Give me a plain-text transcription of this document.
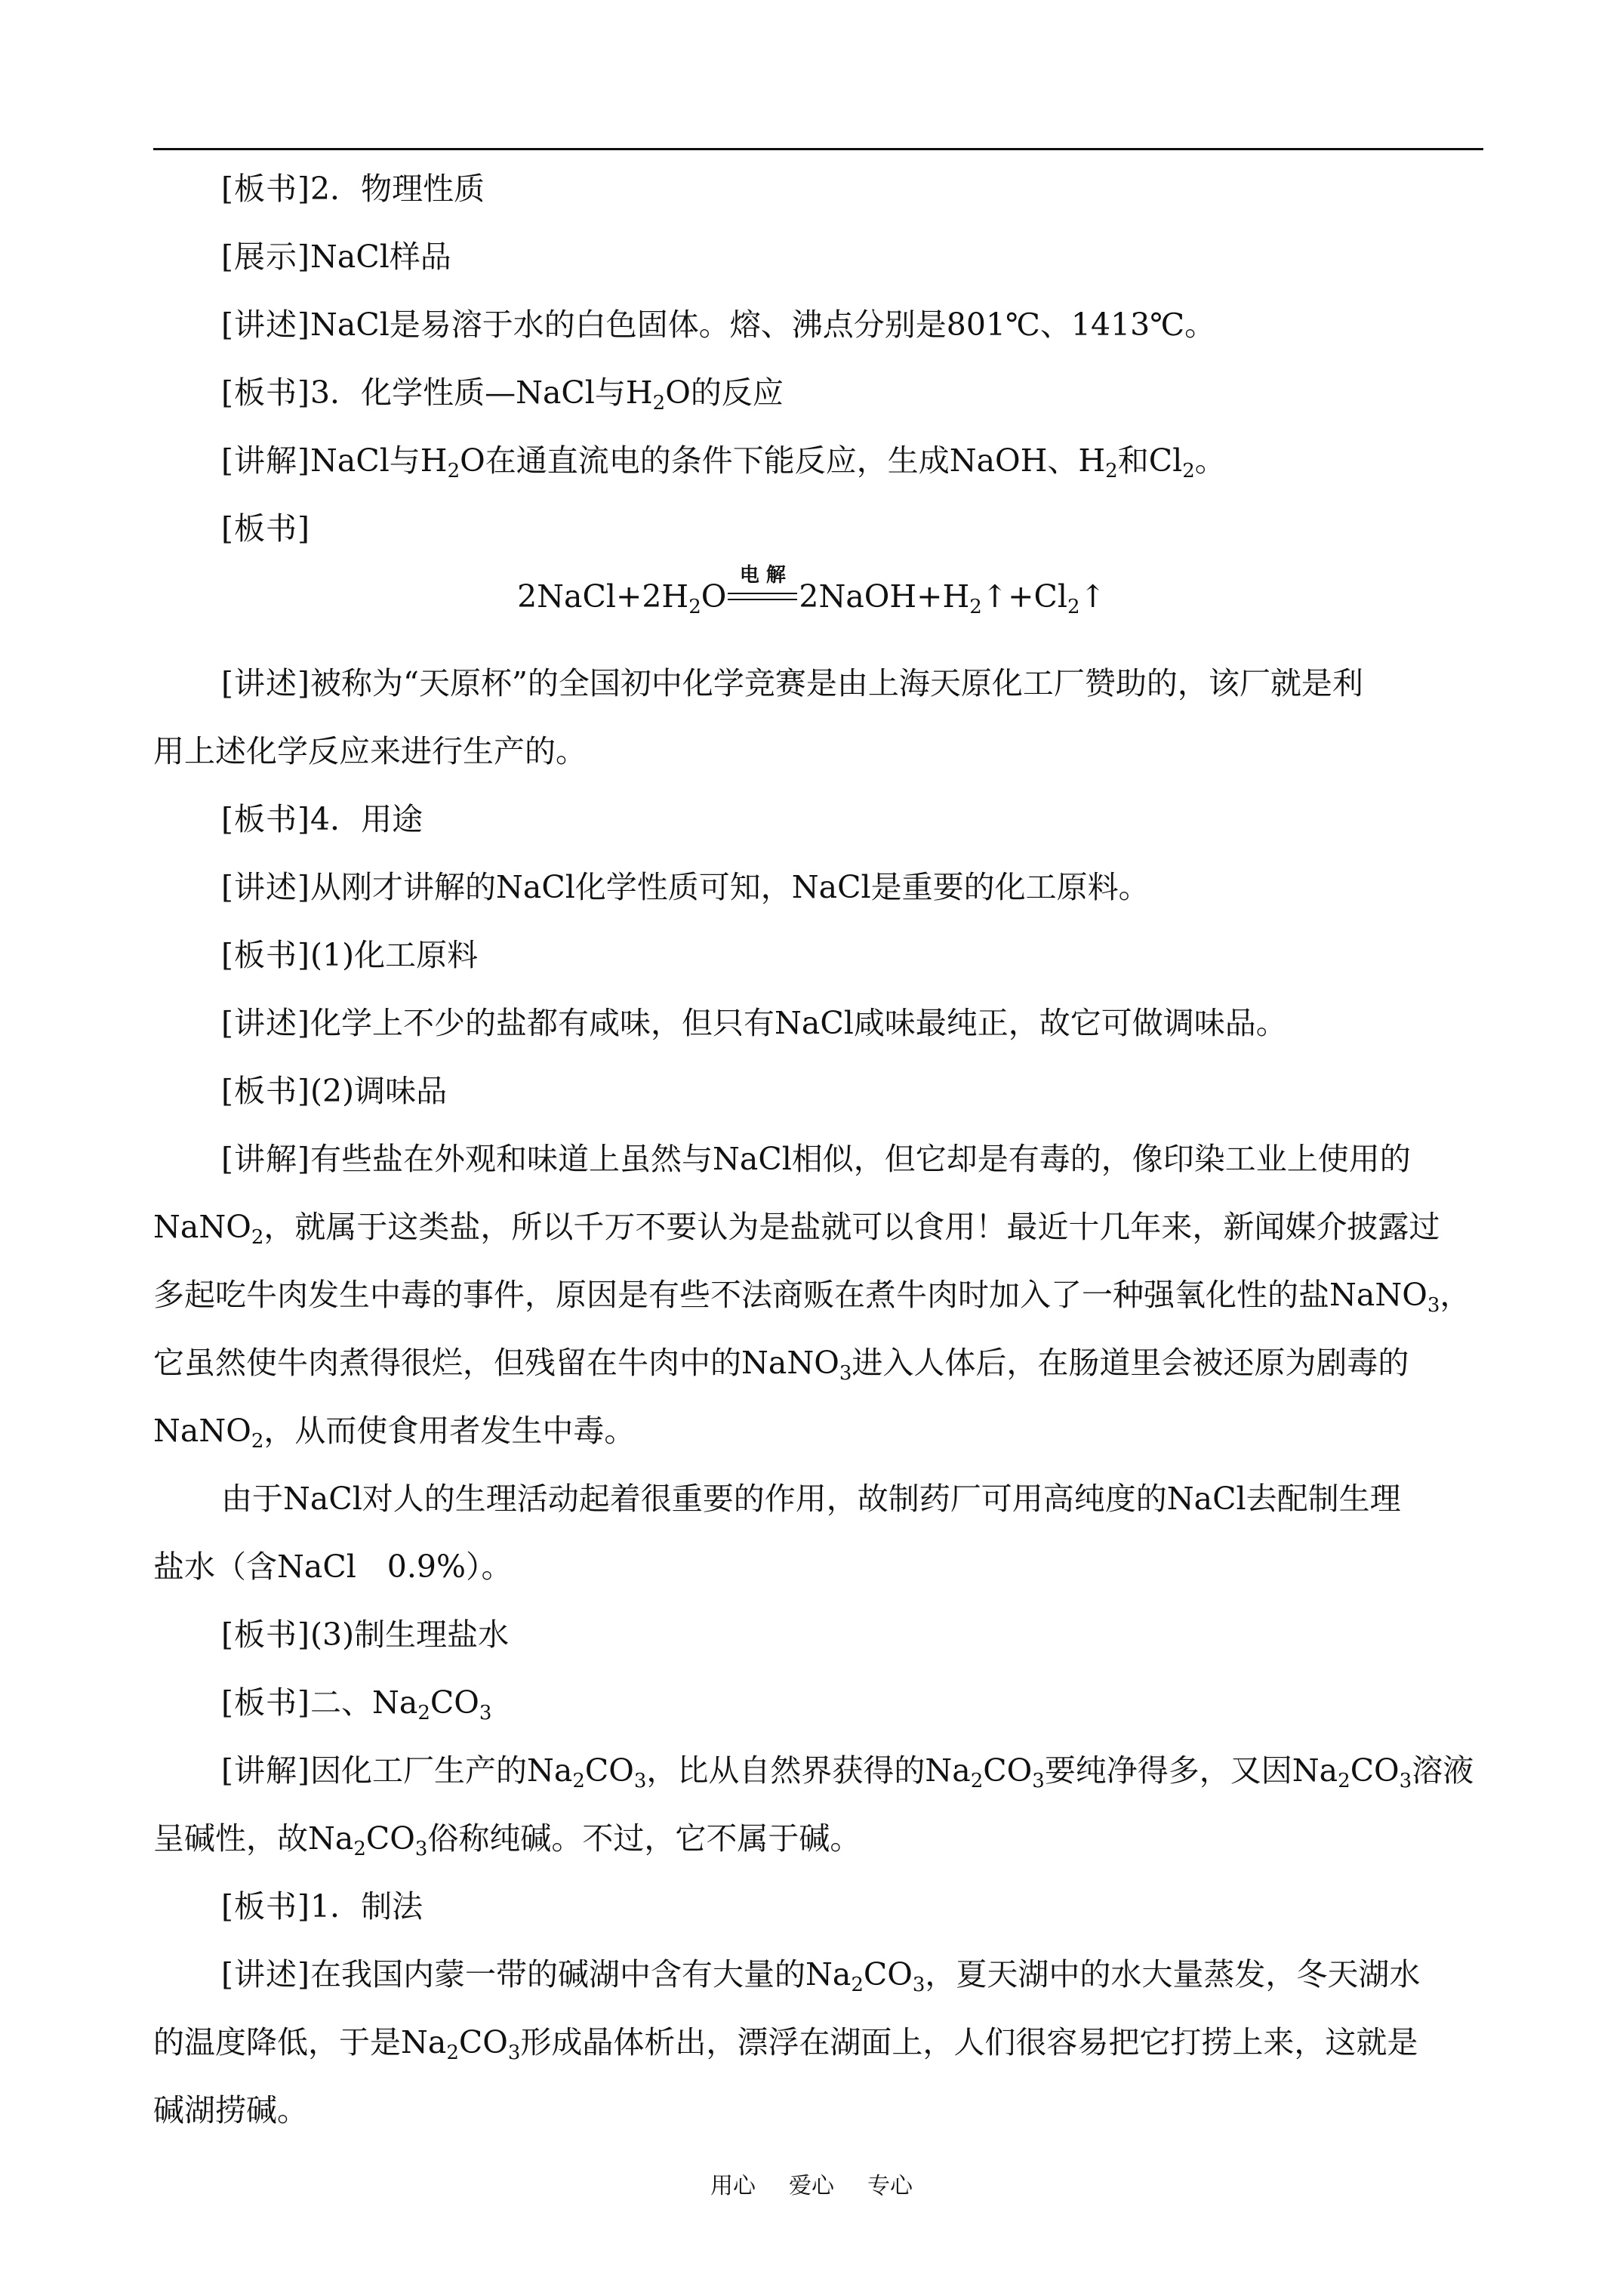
[板书]2．物理性质
[展示]NaCl样品
[讲述]NaCl是易溶于水的白色固体。熔、沸点分别是801℃、1413℃。
[板书]3．化学性质—NaCl与$H_2O$的反应
[讲解]NaCl与$H_2O$在通直流电的条件下能反应，生成NaOH、$H_2$和$Cl_2$。
[板书]
$2NaCl+2H_2O$
电 解
$2NaOH+H_2↑+Cl_2↑$
[讲述]被称为“天原杯”的全国初中化学竞赛是由上海天原化工厂赞助的，该厂就是利
用上述化学反应来进行生产的。
[板书]4．用途
[讲述]从刚才讲解的NaCl化学性质可知，NaCl是重要的化工原料。
[板书](1)化工原料
[讲述]化学上不少的盐都有咸味，但只有NaCl咸味最纯正，故它可做调味品。
[板书](2)调味品
[讲解]有些盐在外观和味道上虽然与NaCl相似，但它却是有毒的，像印染工业上使用的
NaNO$_2$，就属于这类盐，所以千万不要认为是盐就可以食用！最近十几年来，新闻媒介披露过
多起吃牛肉发生中毒的事件，原因是有些不法商贩在煮牛肉时加入了一种强氧化性的盐NaNO$_3$，
它虽然使牛肉煮得很烂，但残留在牛肉中的NaNO$_3$进入人体后，在肠道里会被还原为剧毒的
NaNO$_2$，从而使食用者发生中毒。
由于NaCl对人的生理活动起着很重要的作用，故制药厂可用高纯度的NaCl去配制生理
盐水（含NaCl　0.9%）。
[板书](3)制生理盐水
[板书]二、$Na_2CO_3$
[讲解]因化工厂生产的$Na_2CO_3$，比从自然界获得的$Na_2CO_3$要纯净得多，又因$Na_2CO_3$溶液
呈碱性，故$Na_2CO_3$俗称纯碱。不过，它不属于碱。
[板书]1．制法
[讲述]在我国内蒙一带的碱湖中含有大量的$Na_2CO_3$，夏天湖中的水大量蒸发，冬天湖水
的温度降低，于是$Na_2CO_3$形成晶体析出，漂浮在湖面上，人们很容易把它打捞上来，这就是
碱湖捞碱。
用心 爱心 专心
